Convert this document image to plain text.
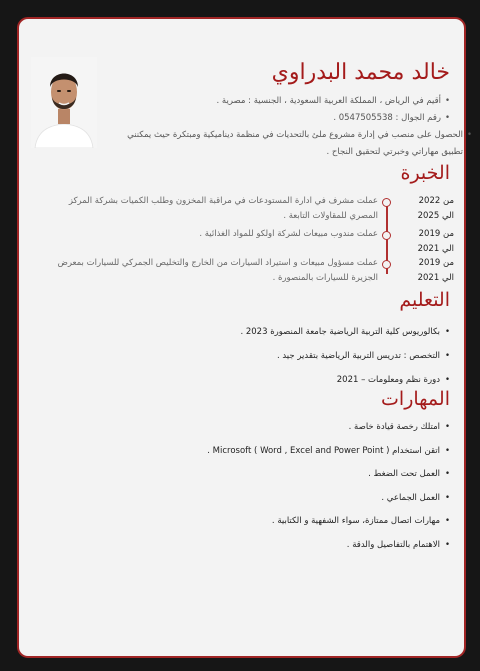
خالد محمد البدراوي
• أقيم في الرياض ، المملكة العربية السعودية ، الجنسية : مصرية .
• رقم الجوال : 0547505538 .
• الحصول على منصب في إدارة مشروع ملئ بالتحديات في منظمة ديناميكية ومبتكرة حيث يمكنني تطبيق مهاراتي وخبرتي لتحقيق النجاح .
الخبرة
عملت مشرف في ادارة المستودعات في مراقبة المخزون وطلب الكميات بشركة المركز المصري للمقاولات التابعة .
من 2022
الي 2025
عملت مندوب مبيعات لشركة اولكو للمواد الغذائية .	من 2019
الي 2021
عملت مسؤول مبيعات و استيراد السيارات من الخارج والتخليص الجمركي للسيارات بمعرض الجزيرة للسيارات بالمنصورة .
من 2019
الي 2021
التعليم
• بكالوريوس كلية التربية الرياضية جامعة المنصورة 2023 .
• التخصص : تدريس التربية الرياضية بتقدير جيد .
• دورة نظم ومعلومات – 2021
المهارات
• امتلك رخصة قيادة خاصة .
• اتقن استخدام Microsoft ( Word , Excel and Power Point ) .
• العمل تحت الضغط .
• العمل الجماعي .
• مهارات اتصال ممتازة، سواء الشفهية و الكتابية .
• الاهتمام بالتفاصيل والدقة .
